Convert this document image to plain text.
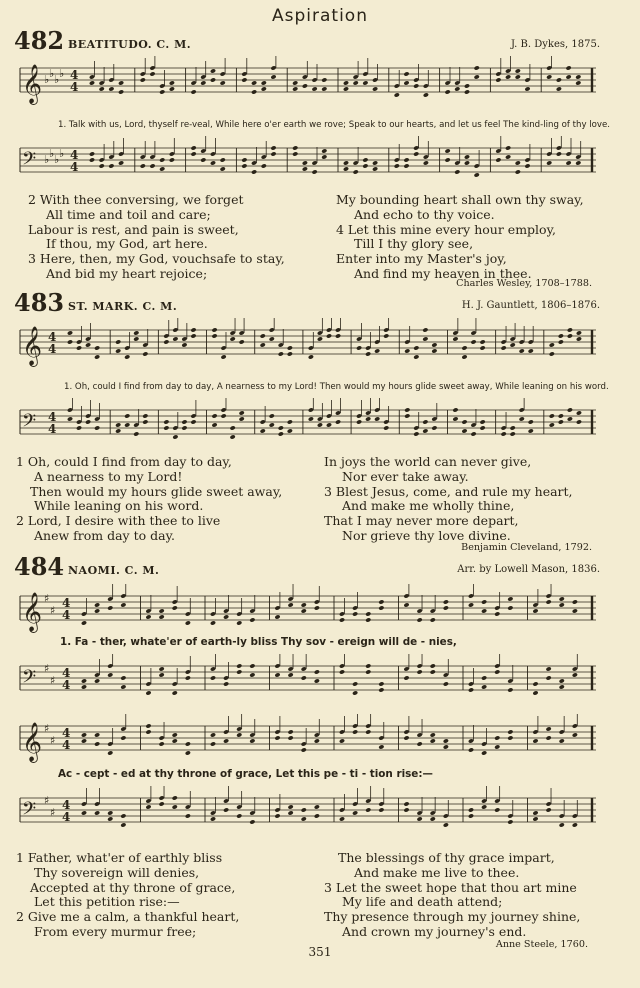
Aspiration
482 BEATITUDO. C. M.	J. B. Dykes, 1875.
𝄞 ♭ ♭ ♭ ♭ 4
4
1. Talk with us, Lord, thyself re-veal, While here o'er earth we rove; Speak to our hearts, and let us feel The kind-ling of thy love.
𝄢 ♭ ♭ ♭ ♭ 4
4
2 With thee conversing, we forget
All time and toil and care;
Labour is rest, and pain is sweet,
If thou, my God, art here.
3 Here, then, my God, vouchsafe to stay,
And bid my heart rejoice;
My bounding heart shall own thy sway,
And echo to thy voice.
4 Let this mine every hour employ,
Till I thy glory see,
Enter into my Master's joy,
And find my heaven in thee.
Charles Wesley, 1708–1788.
483 ST. MARK. C. M.	H. J. Gauntlett, 1806–1876.
𝄞 4
4
1. Oh, could I find from day to day, A nearness to my Lord! Then would my hours glide sweet away, While leaning on his word.
𝄢 4
4
1 Oh, could I find from day to day,
A nearness to my Lord!
Then would my hours glide sweet away,
While leaning on his word.
2 Lord, I desire with thee to live
Anew from day to day.
In joys the world can never give,
Nor ever take away.
3 Blest Jesus, come, and rule my heart,
And make me wholly thine,
That I may never more depart,
Nor grieve thy love divine.
Benjamin Cleveland, 1792.
484 NAOMI. C. M.	Arr. by Lowell Mason, 1836.
𝄞 ♯
♯
4
4
1. Fa - ther, whate'er of earth-ly bliss Thy sov - ereign will de - nies,
𝄢 ♯
♯
4
4
𝄞 ♯
♯
4
4
Ac - cept - ed at thy throne of grace, Let this pe - ti - tion rise:—
𝄢 ♯
♯
4
4
1 Father, what'er of earthly bliss
Thy sovereign will denies,
Accepted at thy throne of grace,
Let this petition rise:—
2 Give me a calm, a thankful heart,
From every murmur free;
The blessings of thy grace impart,
And make me live to thee.
3 Let the sweet hope that thou art mine
My life and death attend;
Thy presence through my journey shine,
And crown my journey's end.
Anne Steele, 1760.
351
